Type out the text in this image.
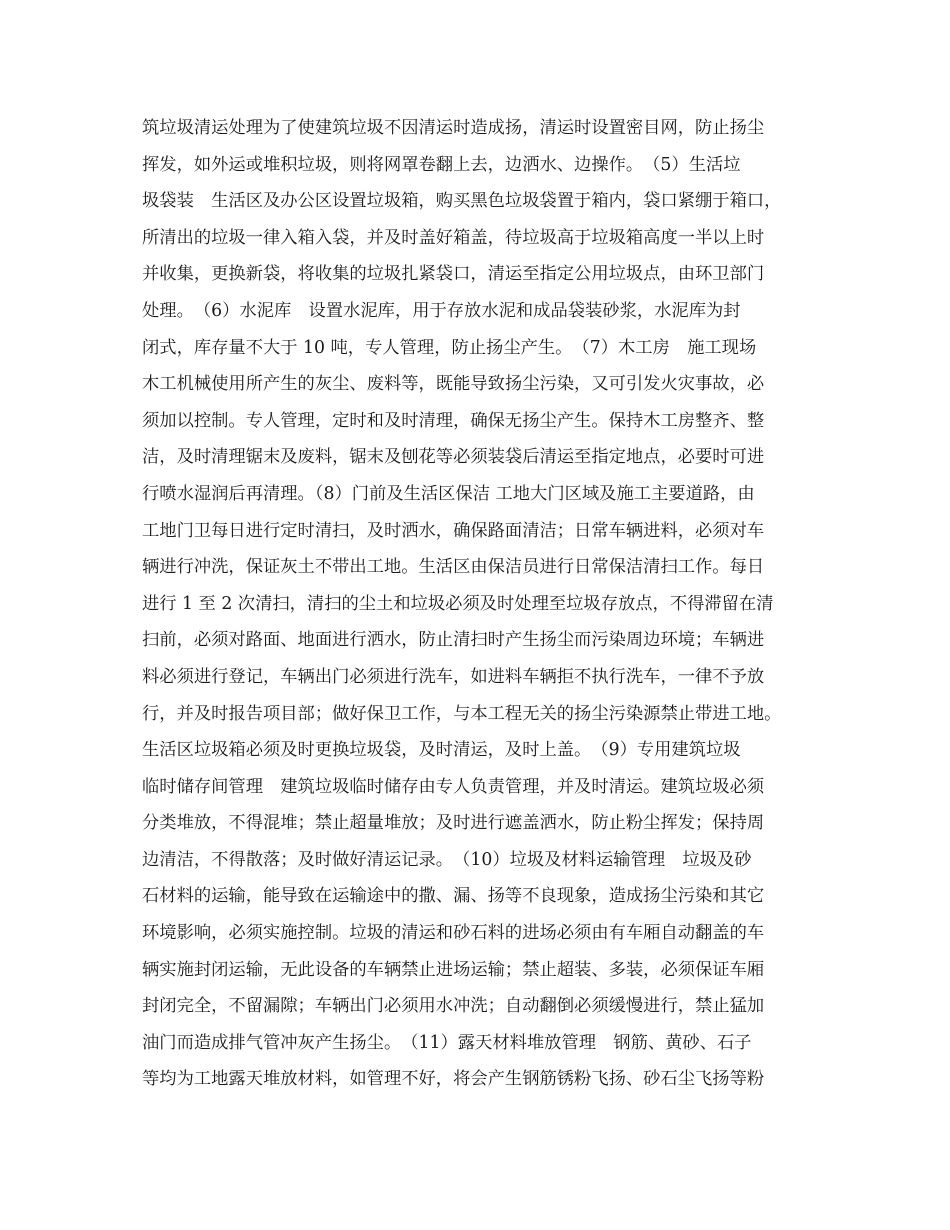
筑垃圾清运处理为了使建筑垃圾不因清运时造成扬，清运时设置密目网，防止扬尘
挥发，如外运或堆积垃圾，则将网罩卷翻上去，边洒水、边操作。　（5）生活垃
圾袋装　生活区及办公区设置垃圾箱，购买黑色垃圾袋置于箱内，袋口紧绷于箱口，
所清出的垃圾一律入箱入袋，并及时盖好箱盖，待垃圾高于垃圾箱高度一半以上时
并收集，更换新袋，将收集的垃圾扎紧袋口，清运至指定公用垃圾点，由环卫部门
处理。　（6）水泥库　设置水泥库，用于存放水泥和成品袋装砂浆，水泥库为封
闭式，库存量不大于 10 吨，专人管理，防止扬尘产生。　（7）木工房　施工现场
木工机械使用所产生的灰尘、废料等，既能导致扬尘污染，又可引发火灾事故，必
须加以控制。专人管理，定时和及时清理，确保无扬尘产生。保持木工房整齐、整
洁，及时清理锯末及废料，锯末及刨花等必须装袋后清运至指定地点，必要时可进
行喷水湿润后再清理。（8）门前及生活区保洁 工地大门区域及施工主要道路，由
工地门卫每日进行定时清扫，及时洒水，确保路面清洁；日常车辆进料，必须对车
辆进行冲洗，保证灰土不带出工地。生活区由保洁员进行日常保洁清扫工作。每日
进行 1 至 2 次清扫，清扫的尘土和垃圾必须及时处理至垃圾存放点，不得滞留在清
扫前，必须对路面、地面进行洒水，防止清扫时产生扬尘而污染周边环境；车辆进
料必须进行登记，车辆出门必须进行洗车，如进料车辆拒不执行洗车，一律不予放
行，并及时报告项目部；做好保卫工作，与本工程无关的扬尘污染源禁止带进工地。
生活区垃圾箱必须及时更换垃圾袋，及时清运，及时上盖。　（9）专用建筑垃圾
临时储存间管理　建筑垃圾临时储存由专人负责管理，并及时清运。建筑垃圾必须
分类堆放，不得混堆；禁止超量堆放；及时进行遮盖洒水，防止粉尘挥发；保持周
边清洁，不得散落；及时做好清运记录。　（10）垃圾及材料运输管理　垃圾及砂
石材料的运输，能导致在运输途中的撒、漏、扬等不良现象，造成扬尘污染和其它
环境影响，必须实施控制。垃圾的清运和砂石料的进场必须由有车厢自动翻盖的车
辆实施封闭运输，无此设备的车辆禁止进场运输；禁止超装、多装，必须保证车厢
封闭完全，不留漏隙；车辆出门必须用水冲洗；自动翻倒必须缓慢进行，禁止猛加
油门而造成排气管冲灰产生扬尘。　（11）露天材料堆放管理　钢筋、黄砂、石子
等均为工地露天堆放材料，如管理不好，将会产生钢筋锈粉飞扬、砂石尘飞扬等粉
